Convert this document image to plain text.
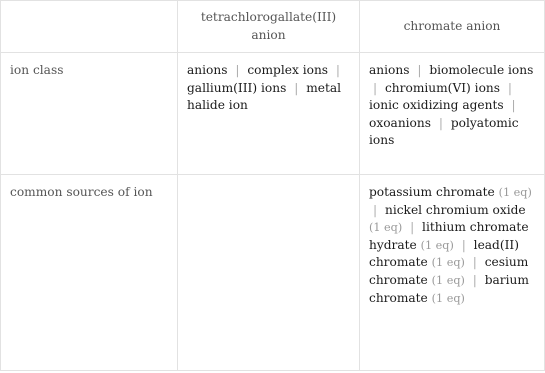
	tetrachlorogallate(III) anion	chromate anion
ion class	anions | complex ions | gallium(III) ions | metal halide ion	anions | biomolecule ions | chromium(VI) ions | ionic oxidizing agents | oxoanions | polyatomic ions
common sources of ion		potassium chromate (1 eq) | nickel chromium oxide (1 eq) | lithium chromate hydrate (1 eq) | lead(II) chromate (1 eq) | cesium chromate (1 eq) | barium chromate (1 eq)
